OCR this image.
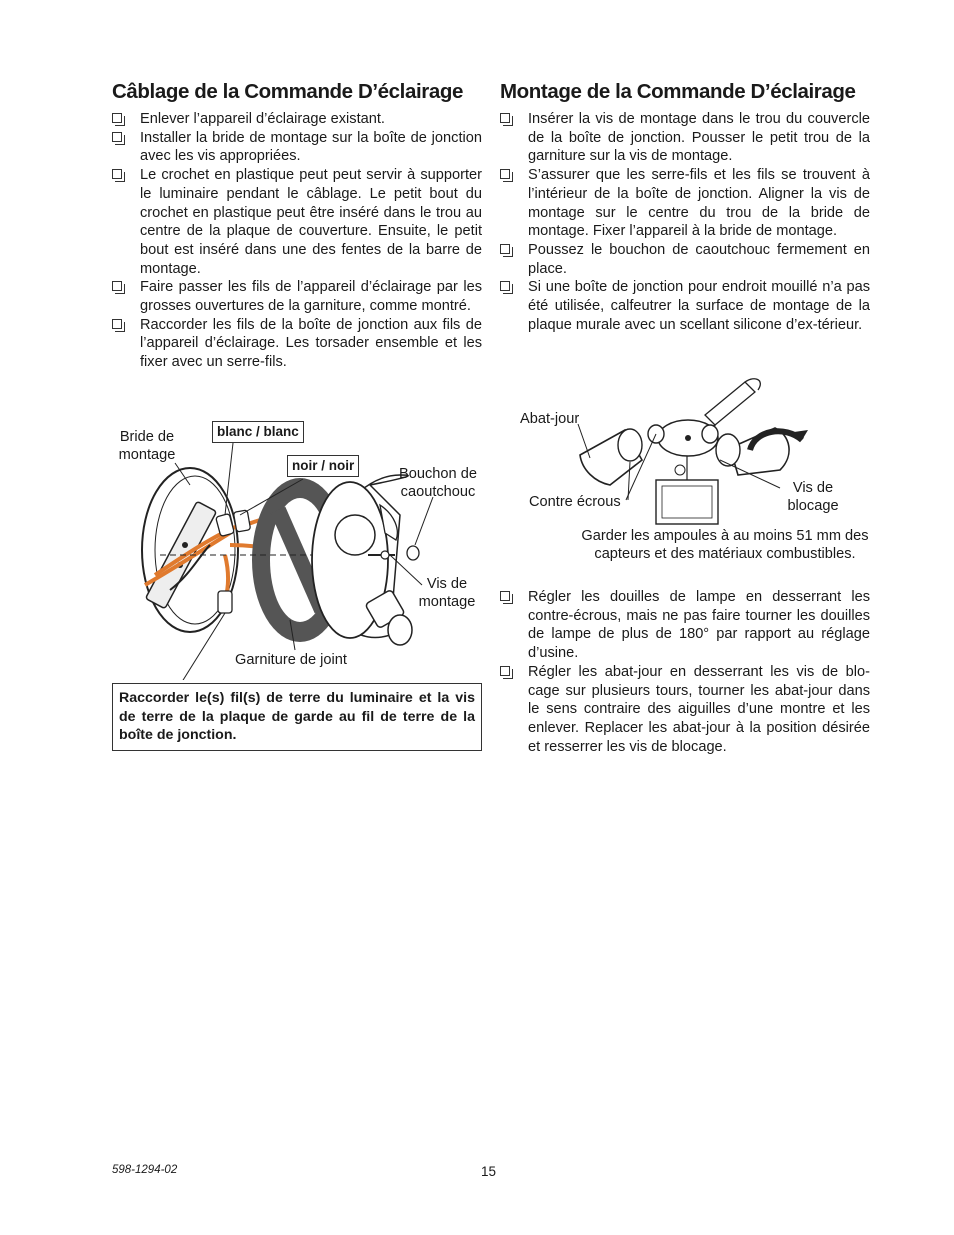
Câblage de la Commande D’éclairage
Enlever l’appareil d’éclairage existant.
Installer la bride de montage sur la boîte de jonction avec les vis appropriées.
Le crochet en plastique peut peut servir à supporter le luminaire pendant le câblage. Le petit bout du crochet en plastique peut être inséré dans le trou au centre de la plaque de couverture. Ensuite, le petit bout est inséré dans une des fentes de la barre de montage.
Faire passer les fils de l’appareil d’éclairage par les grosses ouvertures de la garniture, comme montré.
Raccorder les fils de la boîte de jonction aux fils de l’appareil d’éclairage. Les torsader ensemble et les fixer avec un serre-fils.
Bride de
montage
blanc / blanc
noir / noir
Bouchon de
caoutchouc
Vis de
montage
Garniture de joint
Raccorder le(s) fil(s) de terre du luminaire et la vis de terre de la plaque de garde au fil de terre de la boîte de jonction.
Montage de la Commande D’éclairage
Insérer la vis de montage dans le trou du couvercle de la boîte de jonction. Pousser le petit trou de la garniture sur la vis de montage.
S’assurer que les serre-fils et les fils se trouvent à l’intérieur de la boîte de jonction. Aligner la vis de montage sur le centre du trou de la bride de montage. Fixer l’appareil à la bride de montage.
Poussez le bouchon de caoutchouc fermement en place.
Si une boîte de jonction pour endroit mouillé n’a pas été utilisée, calfeutrer la surface de montage de la plaque murale avec un scellant silicone d’ex-térieur.
Abat-jour
Contre écrous
Vis de
blocage
Garder les ampoules à au moins 51 mm des
capteurs et des matériaux combustibles.
Régler les douilles de lampe en desserrant les contre-écrous, mais ne pas faire tourner les douilles de lampe de plus de 180° par rapport au réglage d’usine.
Régler les abat-jour en desserrant les vis de blo-cage sur plusieurs tours, tourner les abat-jour dans le sens contraire des aiguilles d’une montre et les enlever. Replacer les abat-jour à la position désirée et resserrer les vis de blocage.
598-1294-02	15
